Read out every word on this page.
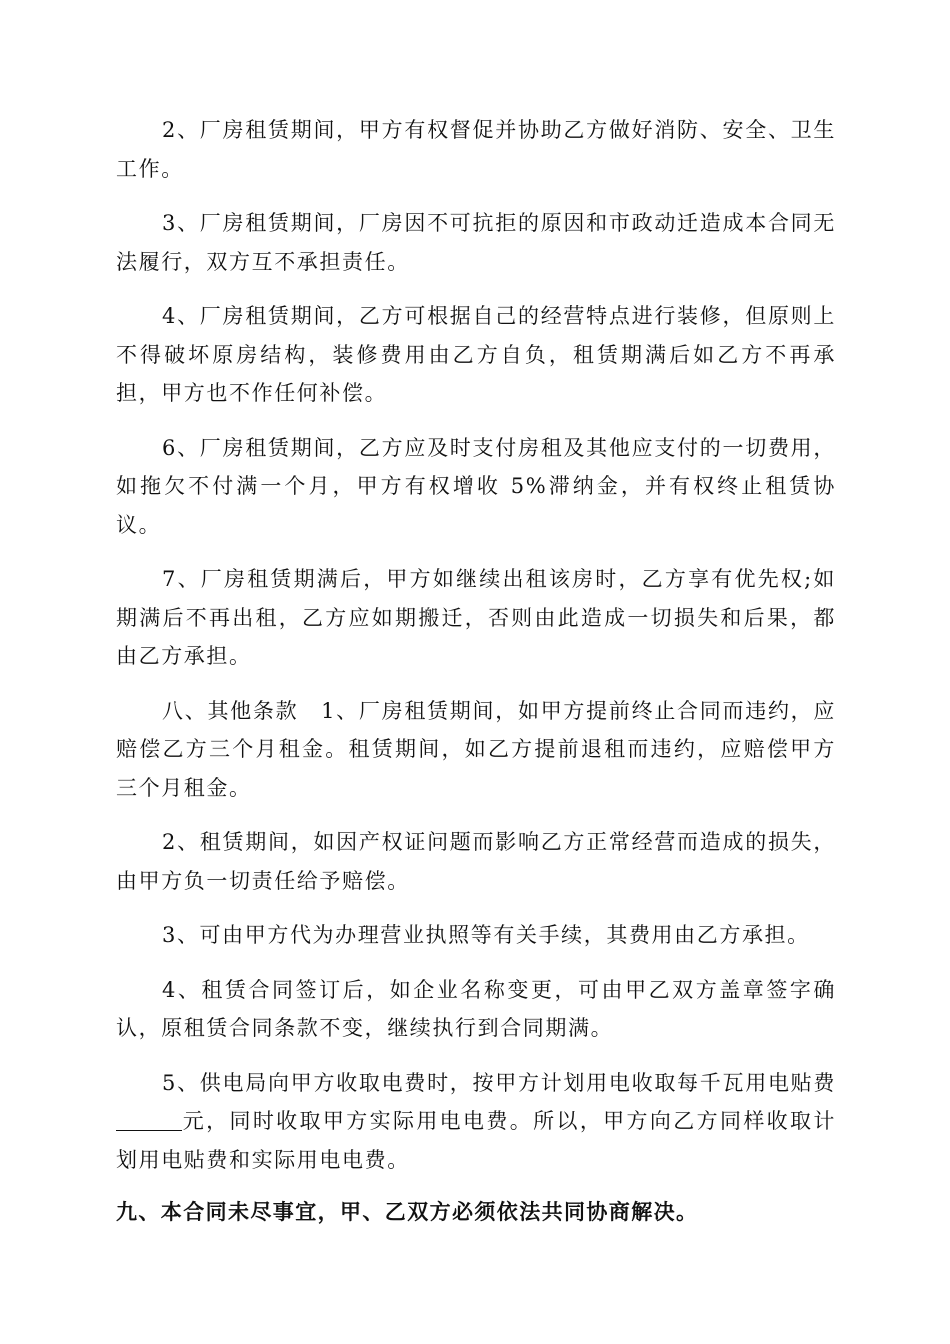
2、厂房租赁期间，甲方有权督促并协助乙方做好消防、安全、卫生工作。

3、厂房租赁期间，厂房因不可抗拒的原因和市政动迁造成本合同无法履行，双方互不承担责任。

4、厂房租赁期间，乙方可根据自己的经营特点进行装修，但原则上不得破坏原房结构，装修费用由乙方自负，租赁期满后如乙方不再承担，甲方也不作任何补偿。

6、厂房租赁期间，乙方应及时支付房租及其他应支付的一切费用，如拖欠不付满一个月，甲方有权增收 5%滞纳金，并有权终止租赁协议。

7、厂房租赁期满后，甲方如继续出租该房时，乙方享有优先权;如期满后不再出租，乙方应如期搬迁，否则由此造成一切损失和后果，都由乙方承担。

八、其他条款　1、厂房租赁期间，如甲方提前终止合同而违约，应赔偿乙方三个月租金。租赁期间，如乙方提前退租而违约，应赔偿甲方三个月租金。

2、租赁期间，如因产权证问题而影响乙方正常经营而造成的损失，由甲方负一切责任给予赔偿。

3、可由甲方代为办理营业执照等有关手续，其费用由乙方承担。

4、租赁合同签订后，如企业名称变更，可由甲乙双方盖章签字确认，原租赁合同条款不变，继续执行到合同期满。

5、供电局向甲方收取电费时，按甲方计划用电收取每千瓦用电贴费元，同时收取甲方实际用电电费。所以，甲方向乙方同样收取计划用电贴费和实际用电电费。

九、本合同未尽事宜，甲、乙双方必须依法共同协商解决。
